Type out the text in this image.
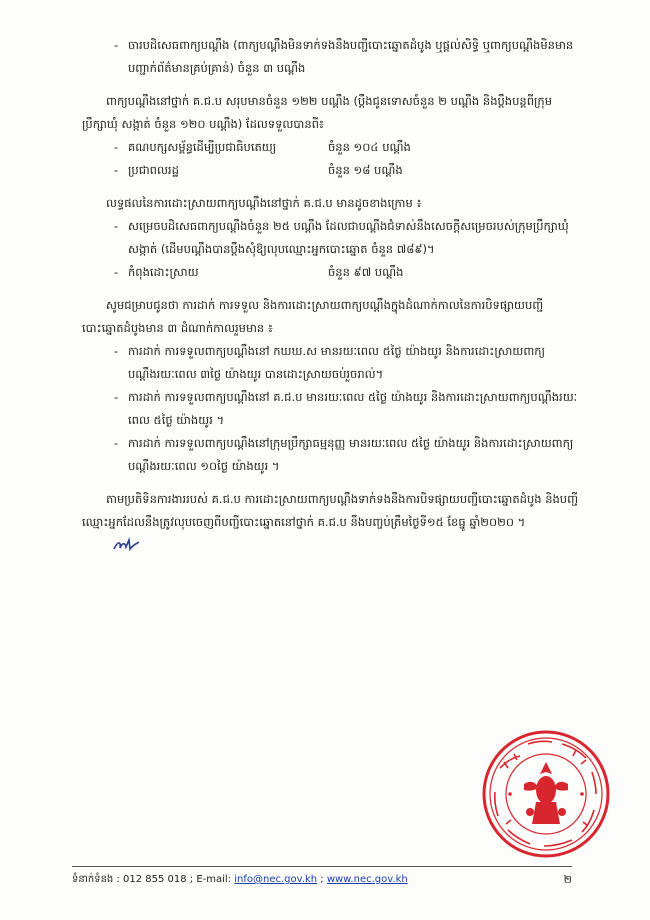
- ចារបដិសេធពាក្យបណ្តឹង (ពាក្យបណ្តឹងមិនទាក់ទងនឹងបញ្ជីបោះឆ្នោតដំបូង ឬផ្តល់សិទ្ធិ ឬពាក្យបណ្តឹងមិនមានបញ្ជាក់ព័ត៌មានគ្រប់គ្រាន់) ចំនួន ៣ បណ្តឹង

ពាក្យបណ្តឹងនៅថ្នាក់ គ.ជ.ប សរុបមានចំនួន ១២២ បណ្តឹង (ប្តឹងជូនទោសចំនួន ២ បណ្តឹង និងប្តឹងបន្តពីក្រុមប្រឹក្សាឃុំ សង្កាត់ ចំនួន ១២០ បណ្តឹង) ដែលទទួលបានពី៖

- គណបក្សសម្ព័ន្ធដើម្បីប្រជាធិបតេយ្យ	ចំនួន ១០៤ បណ្តឹង
- ប្រជាពលរដ្ឋ	ចំនួន ១៨ បណ្តឹង

លទ្ធផលនៃការដោះស្រាយពាក្យបណ្តឹងនៅថ្នាក់ គ.ជ.ប មានដូចខាងក្រោម ៖

- សម្រេចបដិសេធពាក្យបណ្តឹងចំនួន ២៥ បណ្តឹង ដែលជាបណ្តឹងជំទាស់នឹងសេចក្តីសម្រេចរបស់ក្រុមប្រឹក្សាឃុំ សង្កាត់ (ដើមបណ្តឹងបានប្តឹងសុំឱ្យលុបឈ្មោះអ្នកបោះឆ្នោត ចំនួន ៧៨៩)។
- កំពុងដោះស្រាយ	ចំនួន ៩៧ បណ្តឹង

សូមជម្រាបជូនថា ការដាក់ ការទទួល និងការដោះស្រាយពាក្យបណ្តឹងក្នុងដំណាក់កាលនៃការបិទផ្សាយបញ្ជីបោះឆ្នោតដំបូងមាន ៣ ដំណាក់កាលរួមមាន ៖

- ការដាក់ ការទទួលពាក្យបណ្តឹងនៅ កឃឃ.ស មានរយៈពេល ៥ថ្ងៃ យ៉ាងយូរ និងការដោះស្រាយពាក្យបណ្តឹងរយៈពេល ៣ថ្ងៃ យ៉ាងយូរ បានដោះស្រាយចប់រួចរាល់។
- ការដាក់ ការទទួលពាក្យបណ្តឹងនៅ គ.ជ.ប មានរយៈពេល ៥ថ្ងៃ យ៉ាងយូរ និងការដោះស្រាយពាក្យបណ្តឹងរយៈពេល ៥ថ្ងៃ យ៉ាងយូរ ។
- ការដាក់ ការទទួលពាក្យបណ្តឹងនៅក្រុមប្រឹក្សាធម្មនុញ្ញ មានរយៈពេល ៥ថ្ងៃ យ៉ាងយូរ និងការដោះស្រាយពាក្យបណ្តឹងរយៈពេល ១០ថ្ងៃ យ៉ាងយូរ ។

តាមប្រតិទិនការងាររបស់ គ.ជ.ប ការដោះស្រាយពាក្យបណ្តឹងទាក់ទងនឹងការបិទផ្សាយបញ្ជីបោះឆ្នោតដំបូង និងបញ្ជីឈ្មោះអ្នកដែលនឹងត្រូវលុបចេញពីបញ្ជីបោះឆ្នោតនៅថ្នាក់ គ.ជ.ប នឹងបញ្ចប់ត្រឹមថ្ងៃទី១៥ ខែធ្នូ ឆ្នាំ២០២០ ។

ទំនាក់ទំនង : 012 855 018 ; E-mail: info@nec.gov.kh ; www.nec.gov.kh	២
